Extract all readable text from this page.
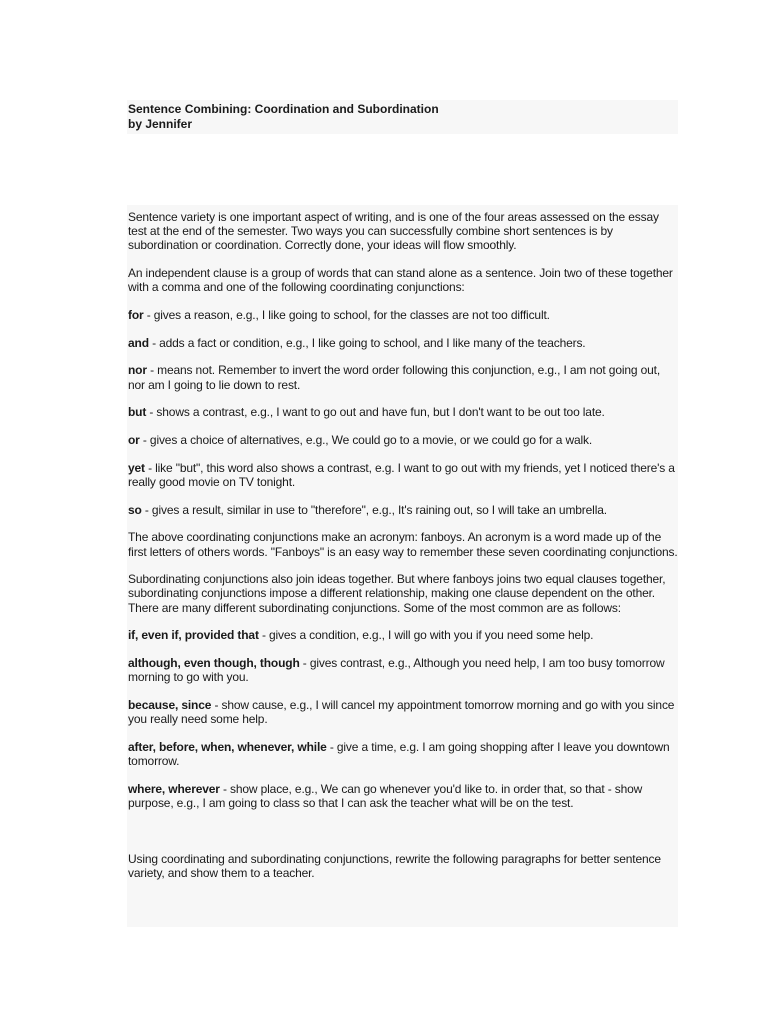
Sentence Combining: Coordination and Subordination
by Jennifer

Sentence variety is one important aspect of writing, and is one of the four areas assessed on the essay test at the end of the semester. Two ways you can successfully combine short sentences is by subordination or coordination. Correctly done, your ideas will flow smoothly.

An independent clause is a group of words that can stand alone as a sentence. Join two of these together with a comma and one of the following coordinating conjunctions:

for - gives a reason, e.g., I like going to school, for the classes are not too difficult.

and - adds a fact or condition, e.g., I like going to school, and I like many of the teachers.

nor - means not. Remember to invert the word order following this conjunction, e.g., I am not going out, nor am I going to lie down to rest.

but - shows a contrast, e.g., I want to go out and have fun, but I don't want to be out too late.

or - gives a choice of alternatives, e.g., We could go to a movie, or we could go for a walk.

yet - like "but", this word also shows a contrast, e.g. I want to go out with my friends, yet I noticed there's a really good movie on TV tonight.

so - gives a result, similar in use to "therefore", e.g., It's raining out, so I will take an umbrella.

The above coordinating conjunctions make an acronym: fanboys. An acronym is a word made up of the first letters of others words. "Fanboys" is an easy way to remember these seven coordinating conjunctions.

Subordinating conjunctions also join ideas together. But where fanboys joins two equal clauses together, subordinating conjunctions impose a different relationship, making one clause dependent on the other. There are many different subordinating conjunctions. Some of the most common are as follows:

if, even if, provided that - gives a condition, e.g., I will go with you if you need some help.

although, even though, though - gives contrast, e.g., Although you need help, I am too busy tomorrow morning to go with you.

because, since - show cause, e.g., I will cancel my appointment tomorrow morning and go with you since you really need some help.

after, before, when, whenever, while - give a time, e.g. I am going shopping after I leave you downtown tomorrow.

where, wherever - show place, e.g., We can go whenever you'd like to. in order that, so that - show purpose, e.g., I am going to class so that I can ask the teacher what will be on the test.

Using coordinating and subordinating conjunctions, rewrite the following paragraphs for better sentence variety, and show them to a teacher.
